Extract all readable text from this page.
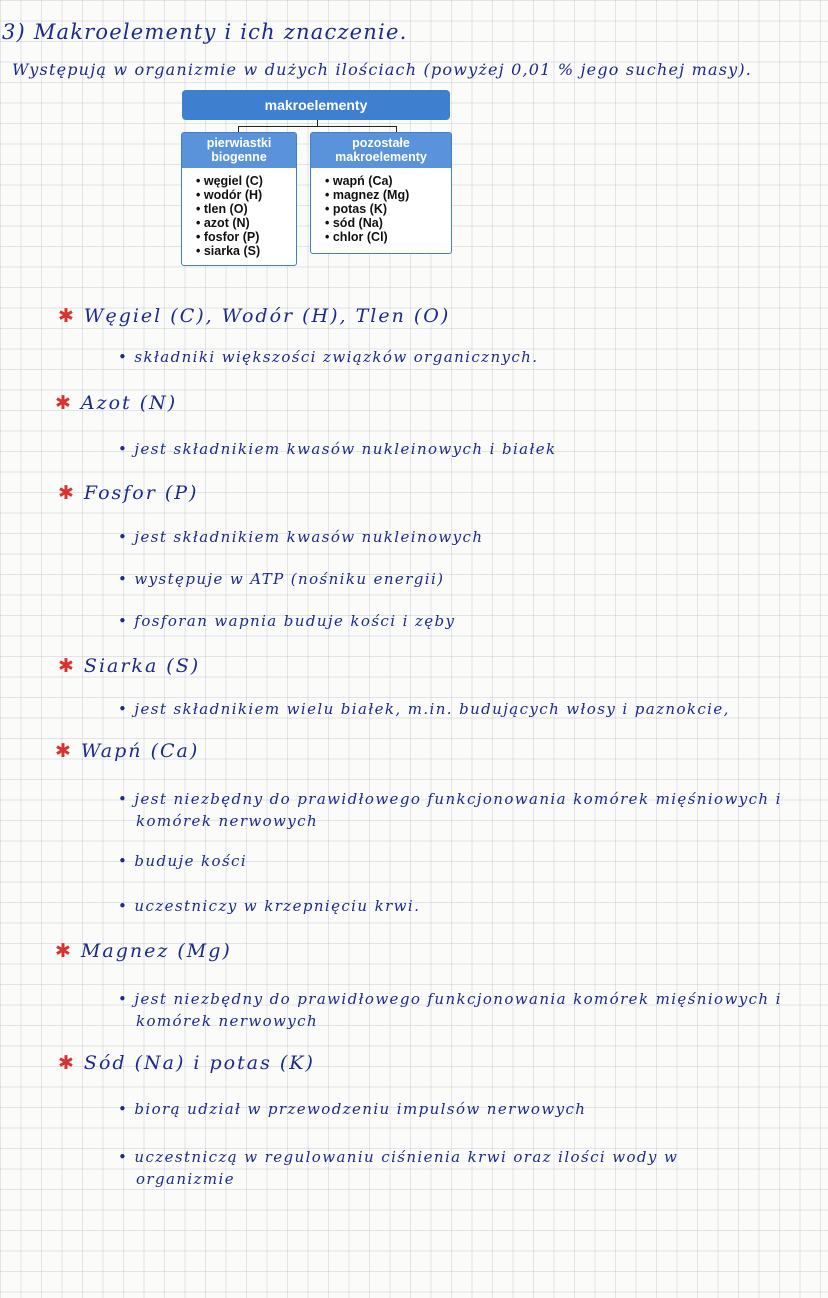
3) Makroelementy i ich znaczenie.
Występują w organizmie w dużych ilościach (powyżej 0,01 % jego suchej masy).
makroelementy
pierwiastki biogenne
• węgiel (C)
• wodór (H)
• tlen (O)
• azot (N)
• fosfor (P)
• siarka (S)
pozostałe makroelementy
• wapń (Ca)
• magnez (Mg)
• potas (K)
• sód (Na)
• chlor (Cl)
✱ Węgiel (C), Wodór (H), Tlen (O)
• składniki większości związków organicznych.
✱ Azot (N)
• jest składnikiem kwasów nukleinowych i białek
✱ Fosfor (P)
• jest składnikiem kwasów nukleinowych
• występuje w ATP (nośniku energii)
• fosforan wapnia buduje kości i zęby
✱ Siarka (S)
• jest składnikiem wielu białek, m.in. budujących włosy i paznokcie,
✱ Wapń (Ca)
• jest niezbędny do prawidłowego funkcjonowania komórek mięśniowych i
komórek nerwowych
• buduje kości
• uczestniczy w krzepnięciu krwi.
✱ Magnez (Mg)
• jest niezbędny do prawidłowego funkcjonowania komórek mięśniowych i
komórek nerwowych
✱ Sód (Na) i potas (K)
• biorą udział w przewodzeniu impulsów nerwowych
• uczestniczą w regulowaniu ciśnienia krwi oraz ilości wody w
organizmie
